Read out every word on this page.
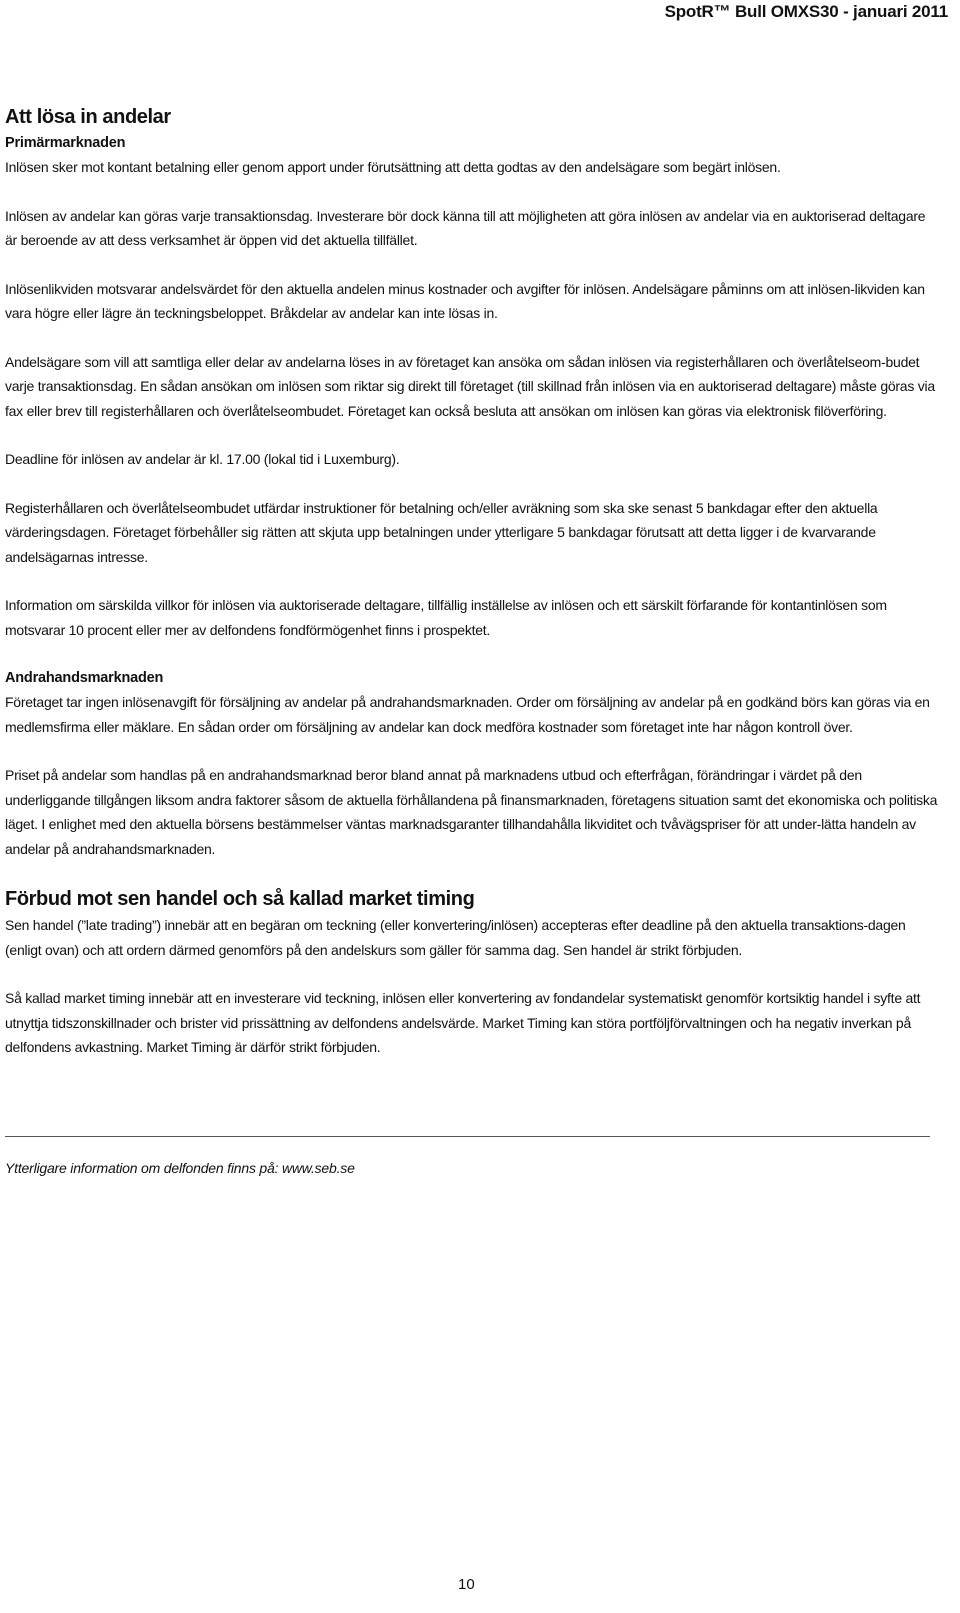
SpotR™ Bull OMXS30 - januari 2011
Att lösa in andelar
Primärmarknaden

Inlösen sker mot kontant betalning eller genom apport under förutsättning att detta godtas av den andelsägare som begärt inlösen.

Inlösen av andelar kan göras varje transaktionsdag. Investerare bör dock känna till att möjligheten att göra inlösen av andelar via en auktoriserad deltagare är beroende av att dess verksamhet är öppen vid det aktuella tillfället.

Inlösenlikviden motsvarar andelsvärdet för den aktuella andelen minus kostnader och avgifter för inlösen. Andelsägare påminns om att inlösen-likviden kan vara högre eller lägre än teckningsbeloppet. Bråkdelar av andelar kan inte lösas in.

Andelsägare som vill att samtliga eller delar av andelarna löses in av företaget kan ansöka om sådan inlösen via registerhållaren och överlåtelseom-budet varje transaktionsdag. En sådan ansökan om inlösen som riktar sig direkt till företaget (till skillnad från inlösen via en auktoriserad deltagare) måste göras via fax eller brev till registerhållaren och överlåtelseombudet. Företaget kan också besluta att ansökan om inlösen kan göras via elektronisk filöverföring.

Deadline för inlösen av andelar är kl. 17.00 (lokal tid i Luxemburg).

Registerhållaren och överlåtelseombudet utfärdar instruktioner för betalning och/eller avräkning som ska ske senast 5 bankdagar efter den aktuella värderingsdagen. Företaget förbehåller sig rätten att skjuta upp betalningen under ytterligare 5 bankdagar förutsatt att detta ligger i de kvarvarande andelsägarnas intresse.

Information om särskilda villkor för inlösen via auktoriserade deltagare, tillfällig inställelse av inlösen och ett särskilt förfarande för kontantinlösen som motsvarar 10 procent eller mer av delfondens fondförmögenhet finns i prospektet.

Andrahandsmarknaden

Företaget tar ingen inlösenavgift för försäljning av andelar på andrahandsmarknaden. Order om försäljning av andelar på en godkänd börs kan göras via en medlemsfirma eller mäklare. En sådan order om försäljning av andelar kan dock medföra kostnader som företaget inte har någon kontroll över.

Priset på andelar som handlas på en andrahandsmarknad beror bland annat på marknadens utbud och efterfrågan, förändringar i värdet på den underliggande tillgången liksom andra faktorer såsom de aktuella förhållandena på finansmarknaden, företagens situation samt det ekonomiska och politiska läget. I enlighet med den aktuella börsens bestämmelser väntas marknadsgaranter tillhandahålla likviditet och tvåvägspriser för att under-lätta handeln av andelar på andrahandsmarknaden.

Förbud mot sen handel och så kallad market timing

Sen handel (”late trading”) innebär att en begäran om teckning (eller konvertering/inlösen) accepteras efter deadline på den aktuella transaktions-dagen (enligt ovan) och att ordern därmed genomförs på den andelskurs som gäller för samma dag. Sen handel är strikt förbjuden.

Så kallad market timing innebär att en investerare vid teckning, inlösen eller konvertering av fondandelar systematiskt genomför kortsiktig handel i syfte att utnyttja tidszonskillnader och brister vid prissättning av delfondens andelsvärde. Market Timing kan störa portföljförvaltningen och ha negativ inverkan på delfondens avkastning. Market Timing är därför strikt förbjuden.

Ytterligare information om delfonden finns på: www.seb.se
10
